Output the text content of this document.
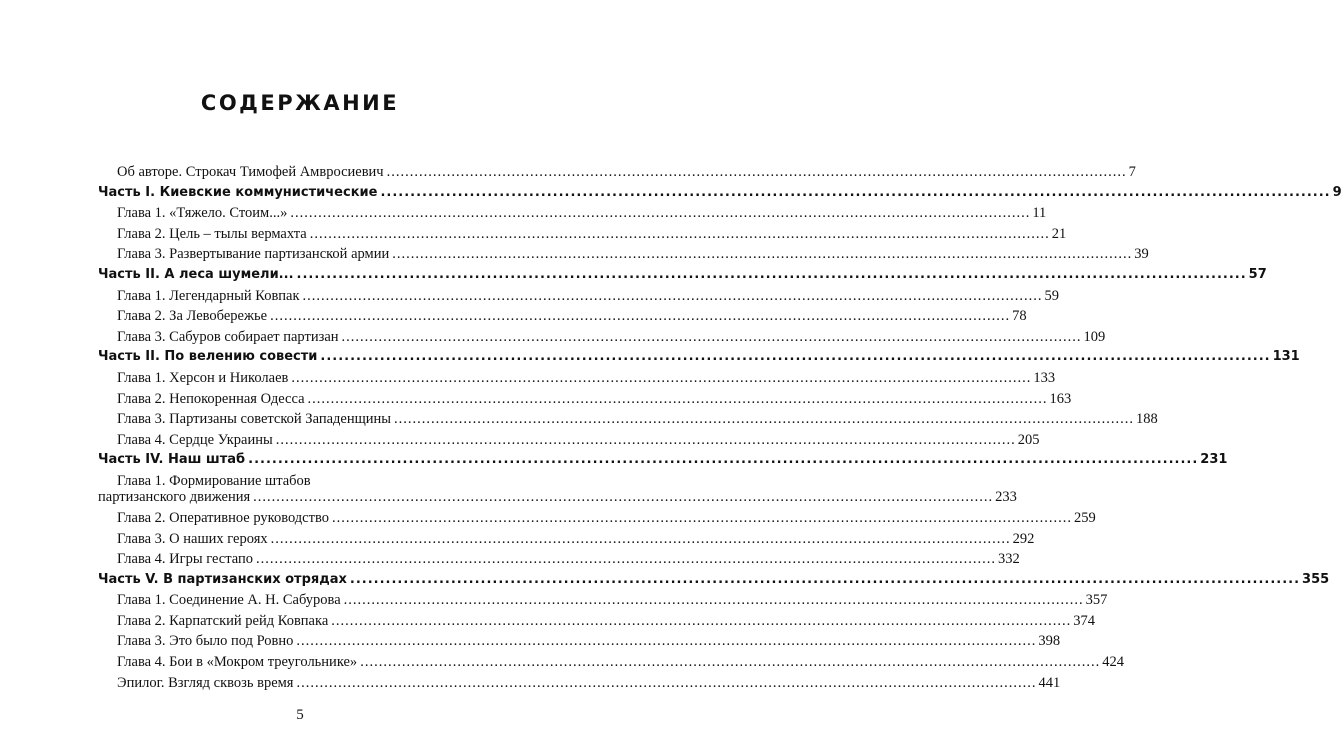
СОДЕРЖАНИЕ
Об авторе. Строкач Тимофей Амвросиевич ................................................................................................................................................................ 7
Часть I. Киевские коммунистические ................................................................................................................................................................ 9
Глава 1. «Тяжело. Стоим...» ................................................................................................................................................................ 11
Глава 2. Цель – тылы вермахта ................................................................................................................................................................ 21
Глава 3. Развертывание партизанской армии ................................................................................................................................................................ 39
Часть II. А леса шумели... ................................................................................................................................................................ 57
Глава 1. Легендарный Ковпак ................................................................................................................................................................ 59
Глава 2. За Левобережье ................................................................................................................................................................ 78
Глава 3. Сабуров собирает партизан ................................................................................................................................................................ 109
Часть II. По велению совести ................................................................................................................................................................ 131
Глава 1. Херсон и Николаев ................................................................................................................................................................ 133
Глава 2. Непокоренная Одесса ................................................................................................................................................................ 163
Глава 3. Партизаны советской Западенщины ................................................................................................................................................................ 188
Глава 4. Сердце Украины ................................................................................................................................................................ 205
Часть IV. Наш штаб ................................................................................................................................................................ 231
Глава 1. Формирование штабов
партизанского движения ................................................................................................................................................................ 233
Глава 2. Оперативное руководство ................................................................................................................................................................ 259
Глава 3. О наших героях ................................................................................................................................................................ 292
Глава 4. Игры гестапо ................................................................................................................................................................ 332
Часть V. В партизанских отрядах ................................................................................................................................................................ 355
Глава 1. Соединение А. Н. Сабурова ................................................................................................................................................................ 357
Глава 2. Карпатский рейд Ковпака ................................................................................................................................................................ 374
Глава 3. Это было под Ровно ................................................................................................................................................................ 398
Глава 4. Бои в «Мокром треугольнике» ................................................................................................................................................................ 424
Эпилог. Взгляд сквозь время ................................................................................................................................................................ 441
5
